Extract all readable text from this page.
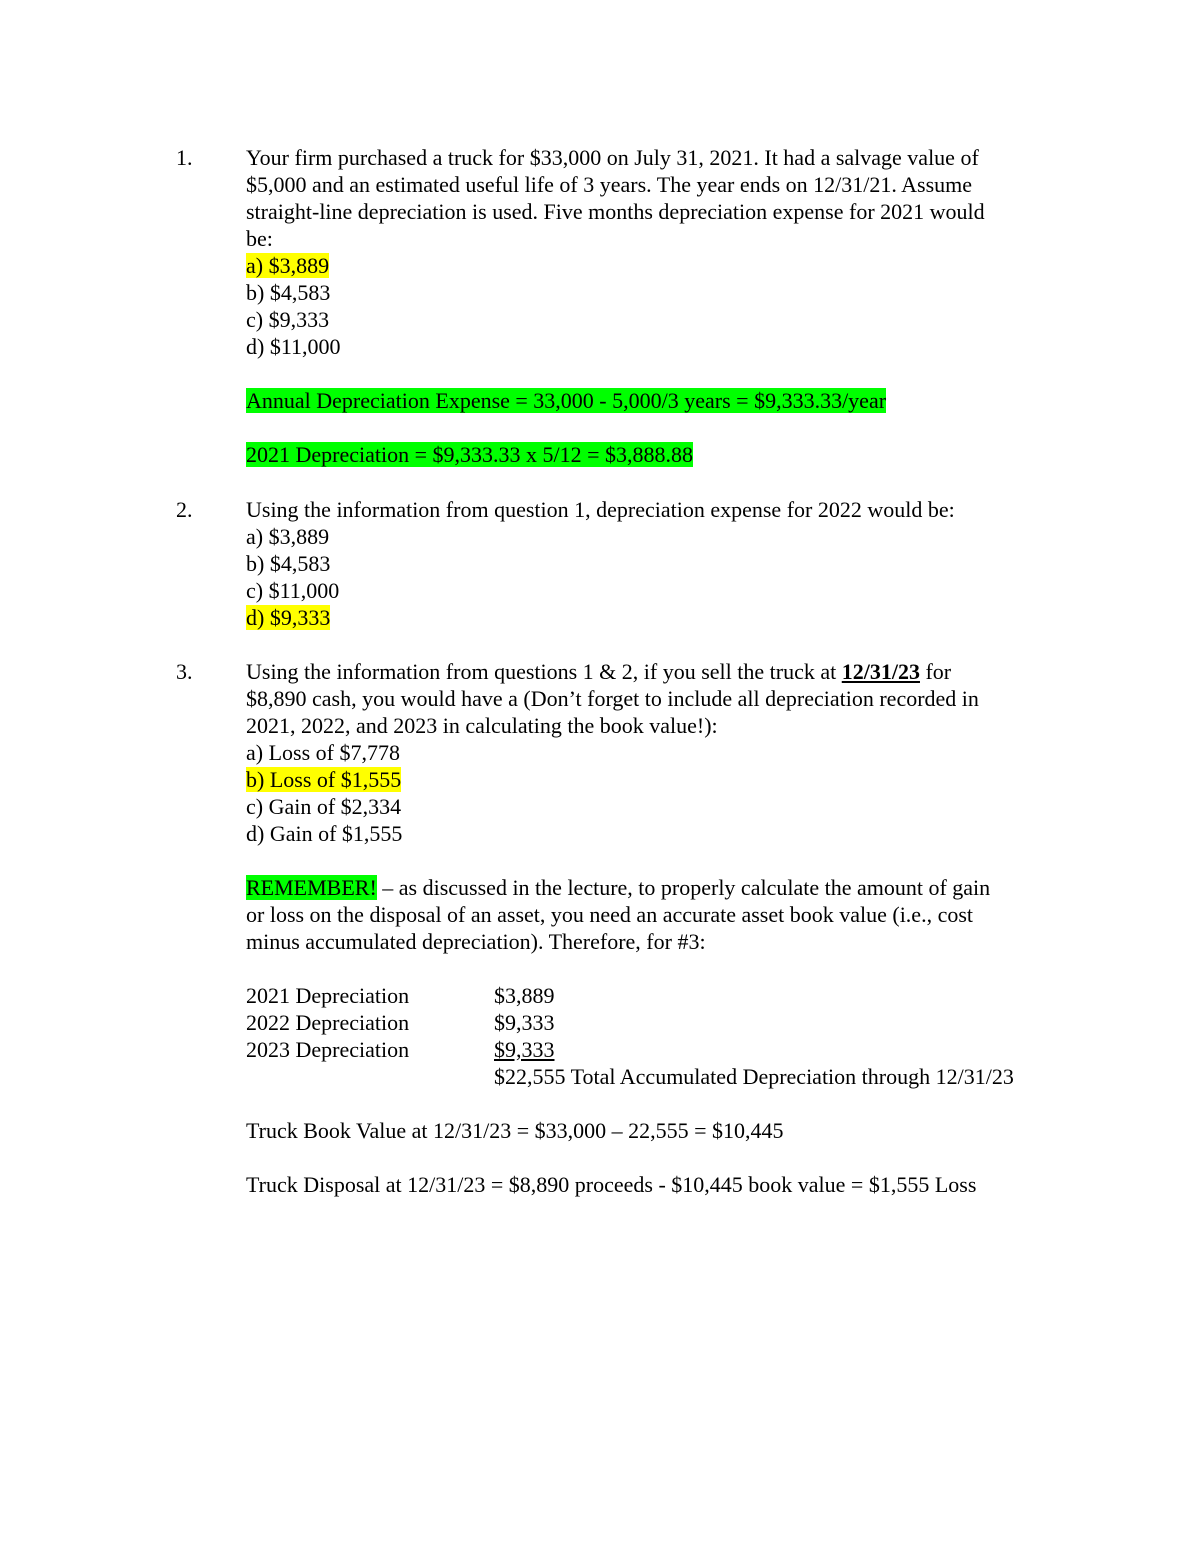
1. Your firm purchased a truck for $33,000 on July 31, 2021. It had a salvage value of
$5,000 and an estimated useful life of 3 years. The year ends on 12/31/21. Assume
straight-line depreciation is used. Five months depreciation expense for 2021 would
be:
a) $3,889
b) $4,583
c) $9,333
d) $11,000
Annual Depreciation Expense = 33,000 - 5,000/3 years = $9,333.33/year
2021 Depreciation = $9,333.33 x 5/12 = $3,888.88
2. Using the information from question 1, depreciation expense for 2022 would be:
a) $3,889
b) $4,583
c) $11,000
d) $9,333
3. Using the information from questions 1 & 2, if you sell the truck at 12/31/23 for
$8,890 cash, you would have a (Don’t forget to include all depreciation recorded in
2021, 2022, and 2023 in calculating the book value!):
a) Loss of $7,778
b) Loss of $1,555
c) Gain of $2,334
d) Gain of $1,555
REMEMBER! – as discussed in the lecture, to properly calculate the amount of gain
or loss on the disposal of an asset, you need an accurate asset book value (i.e., cost
minus accumulated depreciation). Therefore, for #3:
2021 Depreciation	$3,889
2022 Depreciation	$9,333
2023 Depreciation	$9,333
$22,555 Total Accumulated Depreciation through 12/31/23
Truck Book Value at 12/31/23 = $33,000 – 22,555 = $10,445
Truck Disposal at 12/31/23 = $8,890 proceeds - $10,445 book value = $1,555 Loss
